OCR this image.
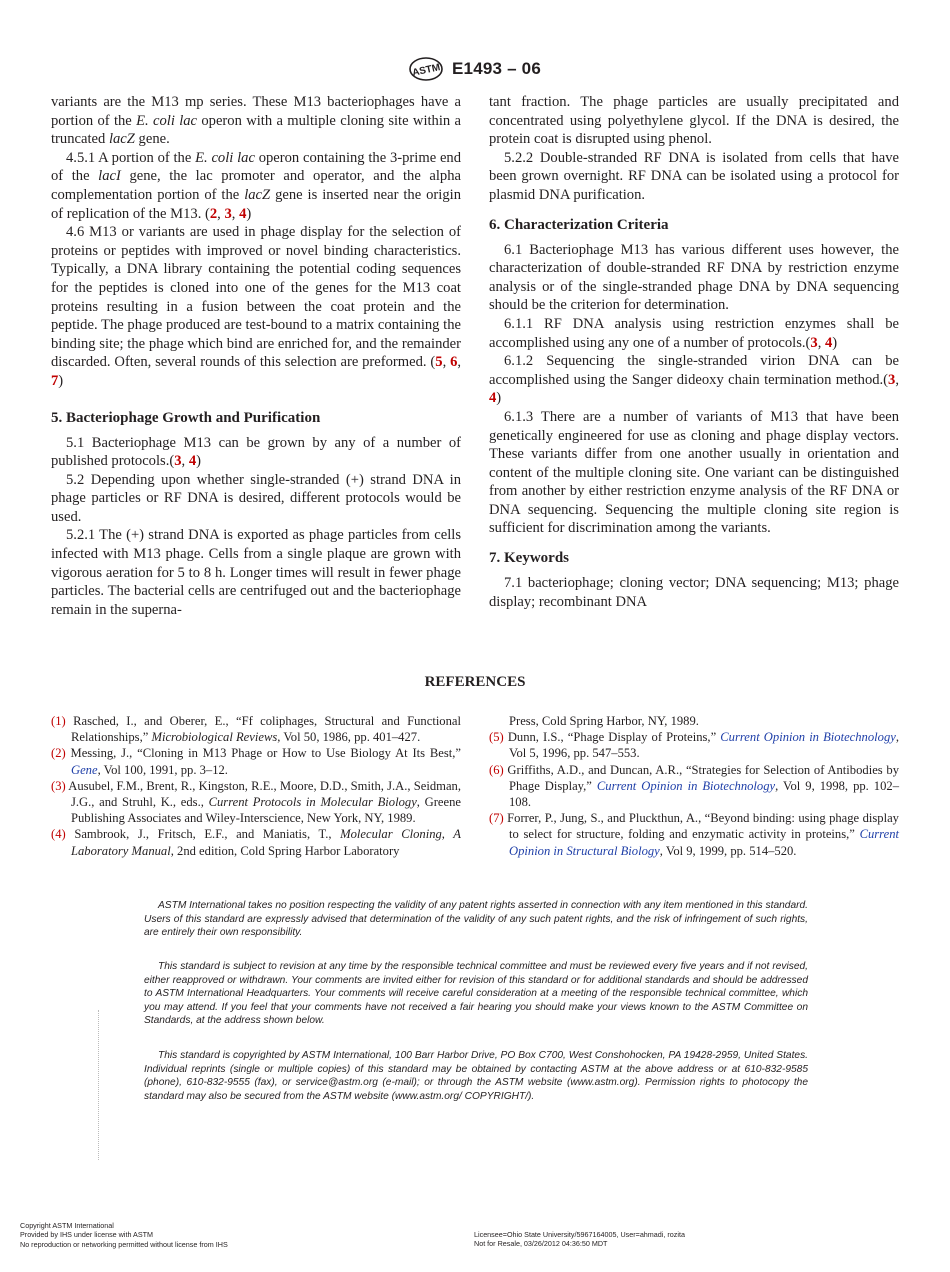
ASTM E1493 – 06

variants are the M13 mp series. These M13 bacteriophages have a portion of the E. coli lac operon with a multiple cloning site within a truncated lacZ gene.

4.5.1 A portion of the E. coli lac operon containing the 3-prime end of the lacI gene, the lac promoter and operator, and the alpha complementation portion of the lacZ gene is inserted near the origin of replication of the M13. (2, 3, 4)

4.6 M13 or variants are used in phage display for the selection of proteins or peptides with improved or novel binding characteristics. Typically, a DNA library containing the potential coding sequences for the peptides is cloned into one of the genes for the M13 coat proteins resulting in a fusion between the coat protein and the peptide. The phage produced are test-bound to a matrix containing the binding site; the phage which bind are enriched for, and the remainder discarded. Often, several rounds of this selection are preformed. (5, 6, 7)

5. Bacteriophage Growth and Purification

5.1 Bacteriophage M13 can be grown by any of a number of published protocols.(3, 4)

5.2 Depending upon whether single-stranded (+) strand DNA in phage particles or RF DNA is desired, different protocols would be used.

5.2.1 The (+) strand DNA is exported as phage particles from cells infected with M13 phage. Cells from a single plaque are grown with vigorous aeration for 5 to 8 h. Longer times will result in fewer phage particles. The bacterial cells are centrifuged out and the bacteriophage remain in the superna-

tant fraction. The phage particles are usually precipitated and concentrated using polyethylene glycol. If the DNA is desired, the protein coat is disrupted using phenol.

5.2.2 Double-stranded RF DNA is isolated from cells that have been grown overnight. RF DNA can be isolated using a protocol for plasmid DNA purification.

6. Characterization Criteria

6.1 Bacteriophage M13 has various different uses however, the characterization of double-stranded RF DNA by restriction enzyme analysis or of the single-stranded phage DNA by DNA sequencing should be the criterion for determination.

6.1.1 RF DNA analysis using restriction enzymes shall be accomplished using any one of a number of protocols.(3, 4)

6.1.2 Sequencing the single-stranded virion DNA can be accomplished using the Sanger dideoxy chain termination method.(3, 4)

6.1.3 There are a number of variants of M13 that have been genetically engineered for use as cloning and phage display vectors. These variants differ from one another usually in orientation and content of the multiple cloning site. One variant can be distinguished from another by either restriction enzyme analysis of the RF DNA or DNA sequencing. Sequencing the multiple cloning site region is sufficient for discrimination among the variants.

7. Keywords

7.1 bacteriophage; cloning vector; DNA sequencing; M13; phage display; recombinant DNA

REFERENCES

(1) Rasched, I., and Oberer, E., “Ff coliphages, Structural and Functional Relationships,” Microbiological Reviews, Vol 50, 1986, pp. 401–427.

(2) Messing, J., “Cloning in M13 Phage or How to Use Biology At Its Best,” Gene, Vol 100, 1991, pp. 3–12.

(3) Ausubel, F.M., Brent, R., Kingston, R.E., Moore, D.D., Smith, J.A., Seidman, J.G., and Struhl, K., eds., Current Protocols in Molecular Biology, Greene Publishing Associates and Wiley-Interscience, New York, NY, 1989.

(4) Sambrook, J., Fritsch, E.F., and Maniatis, T., Molecular Cloning, A Laboratory Manual, 2nd edition, Cold Spring Harbor Laboratory

Press, Cold Spring Harbor, NY, 1989.

(5) Dunn, I.S., “Phage Display of Proteins,” Current Opinion in Biotechnology, Vol 5, 1996, pp. 547–553.

(6) Griffiths, A.D., and Duncan, A.R., “Strategies for Selection of Antibodies by Phage Display,” Current Opinion in Biotechnology, Vol 9, 1998, pp. 102–108.

(7) Forrer, P., Jung, S., and Pluckthun, A., “Beyond binding: using phage display to select for structure, folding and enzymatic activity in proteins,” Current Opinion in Structural Biology, Vol 9, 1999, pp. 514–520.

ASTM International takes no position respecting the validity of any patent rights asserted in connection with any item mentioned in this standard. Users of this standard are expressly advised that determination of the validity of any such patent rights, and the risk of infringement of such rights, are entirely their own responsibility.

This standard is subject to revision at any time by the responsible technical committee and must be reviewed every five years and if not revised, either reapproved or withdrawn. Your comments are invited either for revision of this standard or for additional standards and should be addressed to ASTM International Headquarters. Your comments will receive careful consideration at a meeting of the responsible technical committee, which you may attend. If you feel that your comments have not received a fair hearing you should make your views known to the ASTM Committee on Standards, at the address shown below.

This standard is copyrighted by ASTM International, 100 Barr Harbor Drive, PO Box C700, West Conshohocken, PA 19428-2959, United States. Individual reprints (single or multiple copies) of this standard may be obtained by contacting ASTM at the above address or at 610-832-9585 (phone), 610-832-9555 (fax), or service@astm.org (e-mail); or through the ASTM website (www.astm.org). Permission rights to photocopy the standard may also be secured from the ASTM website (www.astm.org/ COPYRIGHT/).

Copyright ASTM International
Provided by IHS under license with ASTM
No reproduction or networking permitted without license from IHS
Licensee=Ohio State University/5967164005, User=ahmadi, rozita
Not for Resale, 03/26/2012 04:36:50 MDT
